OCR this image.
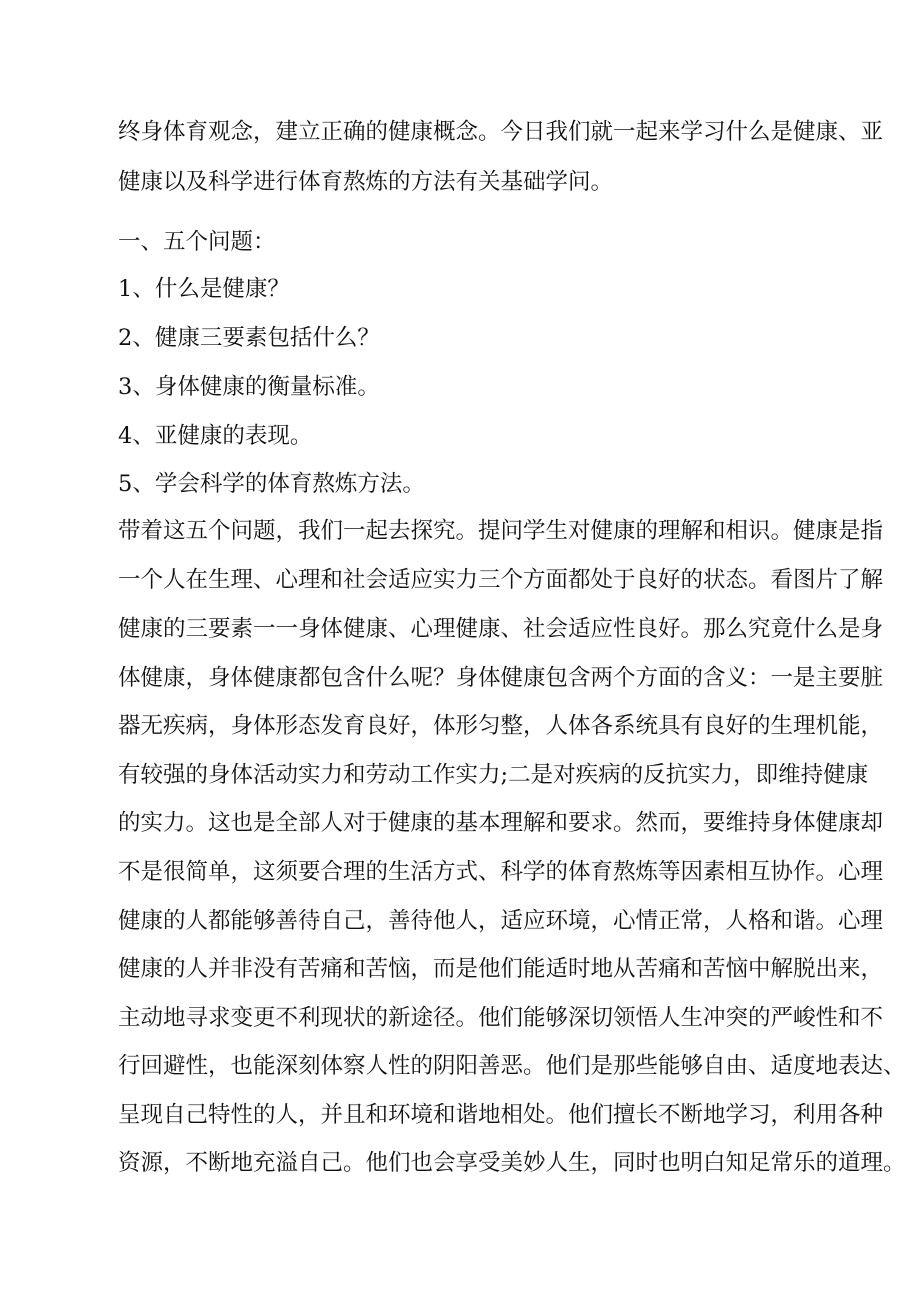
终身体育观念，建立正确的健康概念。今日我们就一起来学习什么是健康、亚
健康以及科学进行体育熬炼的方法有关基础学问。
一、五个问题：
1、什么是健康？
2、健康三要素包括什么？
3、身体健康的衡量标准。
4、亚健康的表现。
5、学会科学的体育熬炼方法。
带着这五个问题，我们一起去探究。提问学生对健康的理解和相识。健康是指
一个人在生理、心理和社会适应实力三个方面都处于良好的状态。看图片了解
健康的三要素一一身体健康、心理健康、社会适应性良好。那么究竟什么是身
体健康，身体健康都包含什么呢？身体健康包含两个方面的含义：一是主要脏
器无疾病，身体形态发育良好，体形匀整，人体各系统具有良好的生理机能，
有较强的身体活动实力和劳动工作实力;二是对疾病的反抗实力，即维持健康
的实力。这也是全部人对于健康的基本理解和要求。然而，要维持身体健康却
不是很简单，这须要合理的生活方式、科学的体育熬炼等因素相互协作。心理
健康的人都能够善待自己，善待他人，适应环境，心情正常，人格和谐。心理
健康的人并非没有苦痛和苦恼，而是他们能适时地从苦痛和苦恼中解脱出来，
主动地寻求变更不利现状的新途径。他们能够深切领悟人生冲突的严峻性和不
行回避性，也能深刻体察人性的阴阳善恶。他们是那些能够自由、适度地表达、
呈现自己特性的人，并且和环境和谐地相处。他们擅长不断地学习，利用各种
资源，不断地充溢自己。他们也会享受美妙人生，同时也明白知足常乐的道理。
